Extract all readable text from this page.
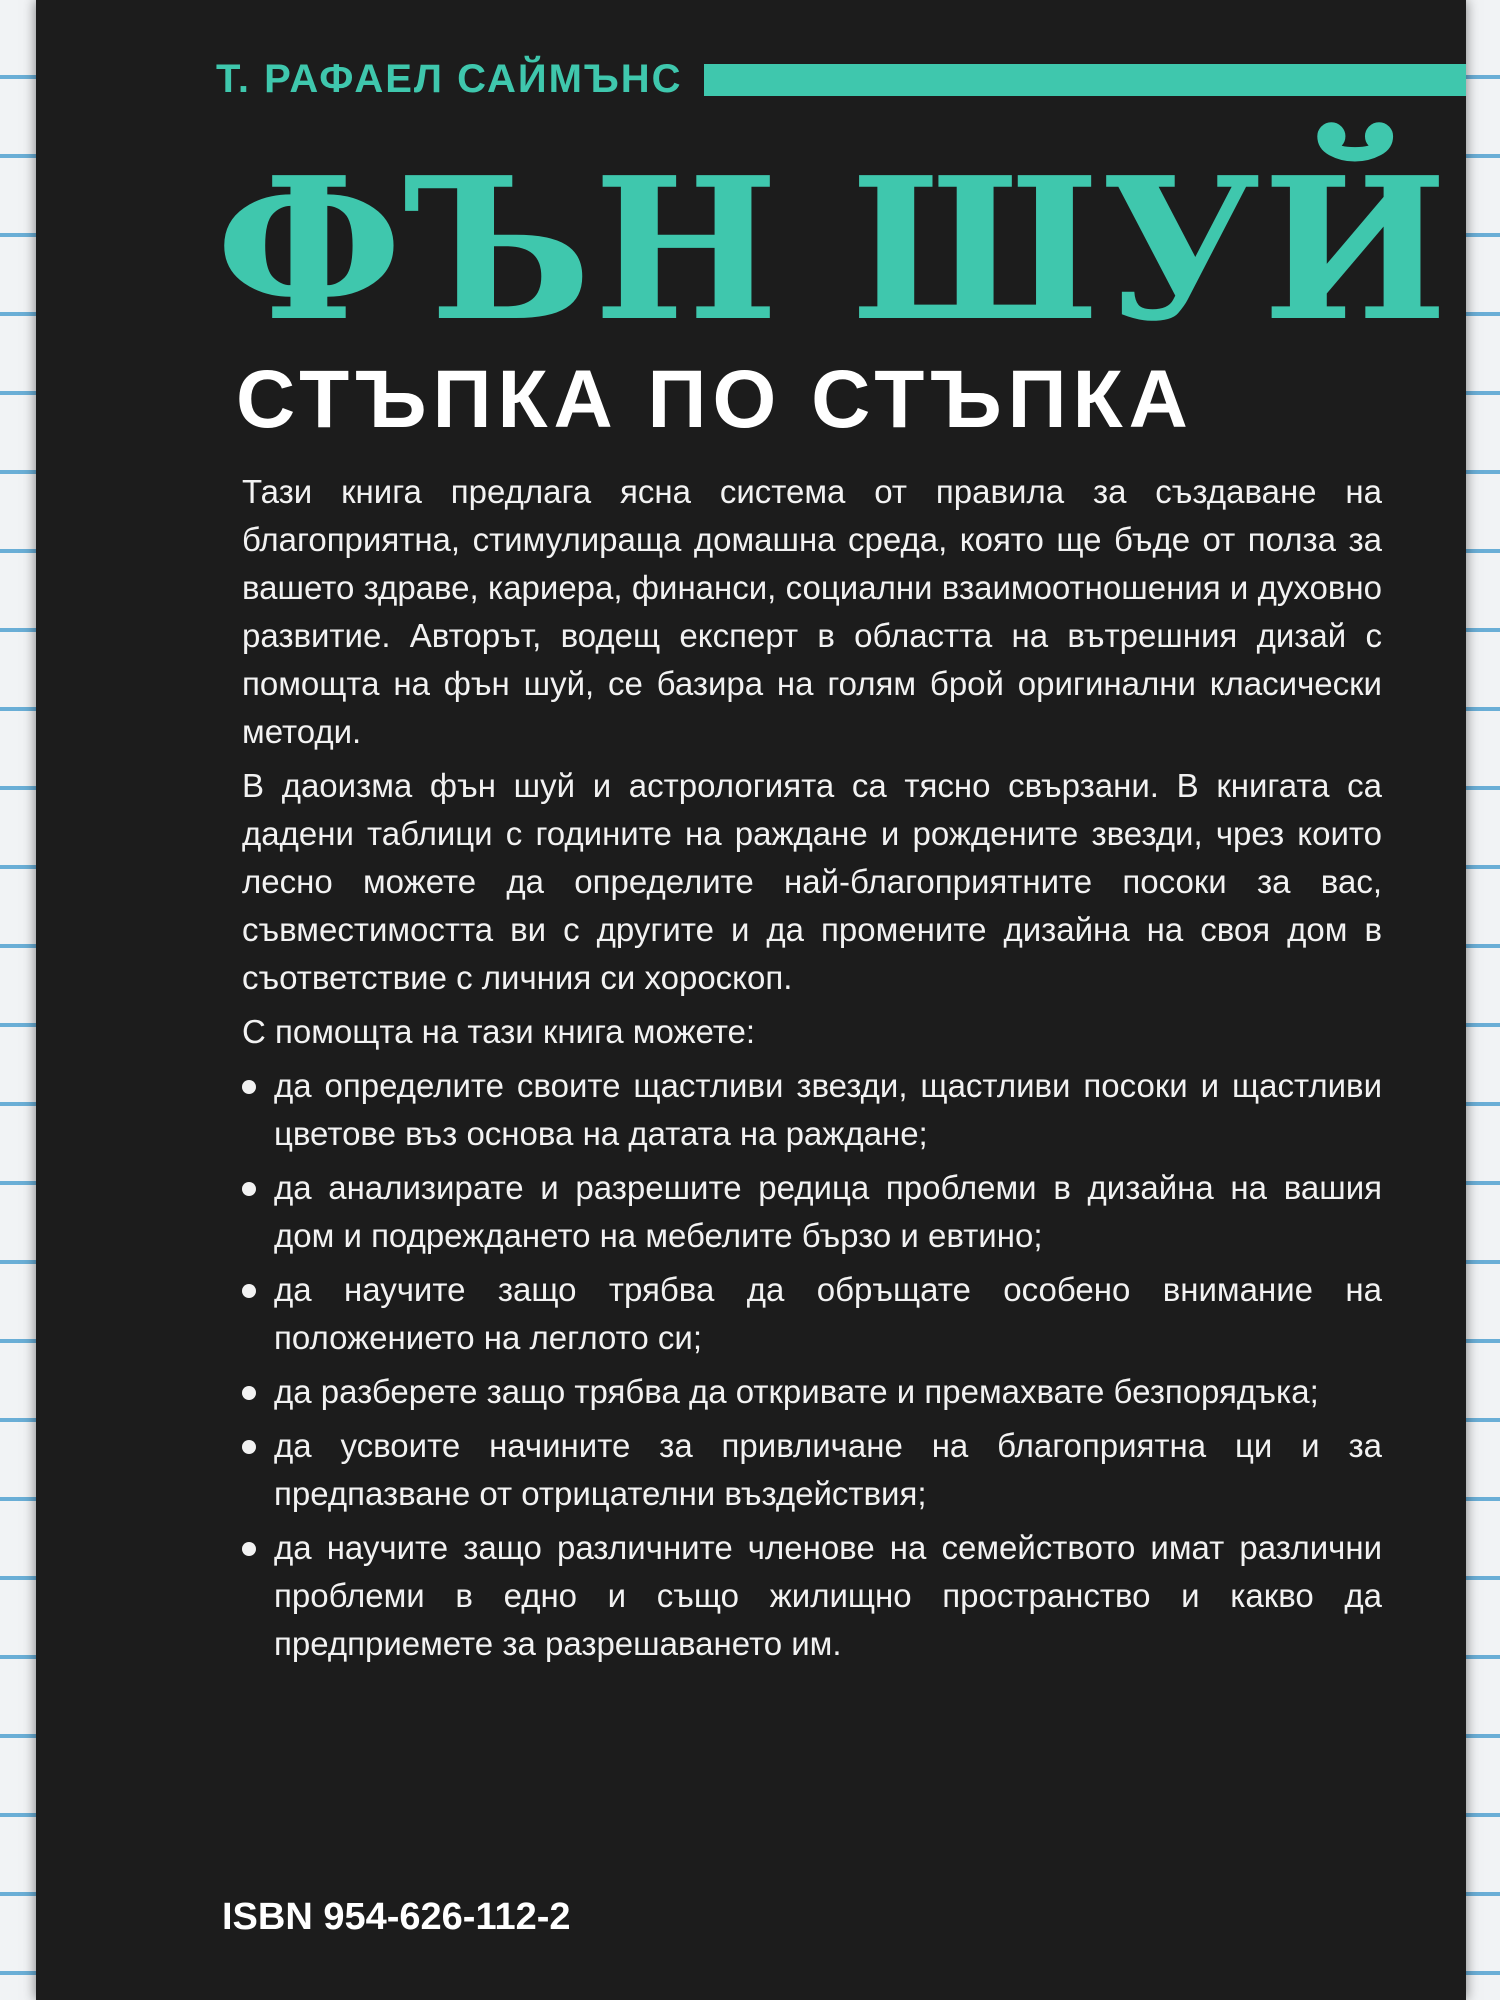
Т. РАФАЕЛ САЙМЪНС
ФЪН ШУЙ
СТЪПКА ПО СТЪПКА

Тази книга предлага ясна система от правила за създаване на благоприятна, стимулираща домашна среда, която ще бъде от полза за вашето здраве, кариера, финанси, социални взаимоотношения и духовно развитие. Авторът, водещ експерт в областта на вътрешния дизай с помощта на фън шуй, се базира на голям брой оригинални класически методи.

В даоизма фън шуй и астрологията са тясно свързани. В книгата са дадени таблици с годините на раждане и рождените звезди, чрез които лесно можете да определите най-благоприятните посоки за вас, съвместимостта ви с другите и да промените дизайна на своя дом в съответствие с личния си хороскоп.

С помощта на тази книга можете:
да определите своите щастливи звезди, щастливи посоки и щастливи цветове въз основа на датата на раждане;
да анализирате и разрешите редица проблеми в дизайна на вашия дом и подреждането на мебелите бързо и евтино;
да научите защо трябва да обръщате особено внимание на положението на леглото си;
да разберете защо трябва да откривате и премахвате безпорядъка;
да усвоите начините за привличане на благоприятна ци и за предпазване от отрицателни въздействия;
да научите защо различните членове на семейството имат различни проблеми в едно и също жилищно пространство и какво да предприемете за разрешаването им.
ISBN 954-626-112-2
